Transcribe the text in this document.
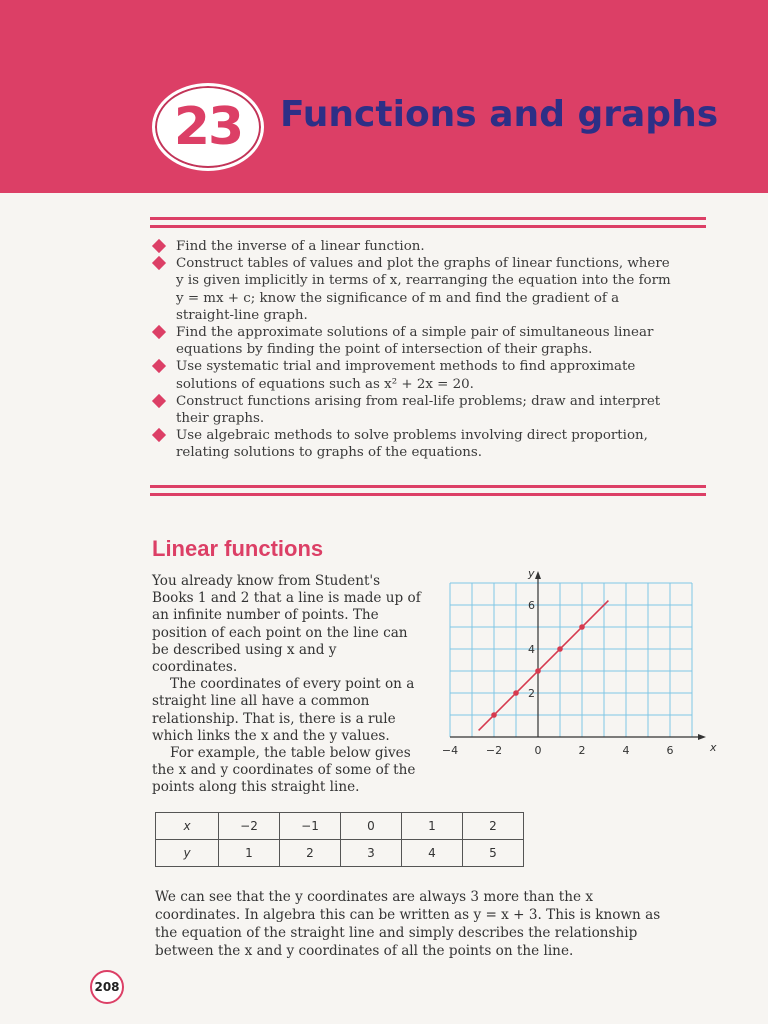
23	Functions and graphs
Find the inverse of a linear function.
Construct tables of values and plot the graphs of linear functions, where y is given implicitly in terms of x, rearranging the equation into the form y = mx + c; know the significance of m and find the gradient of a straight-line graph.
Find the approximate solutions of a simple pair of simultaneous linear equations by finding the point of intersection of their graphs.
Use systematic trial and improvement methods to find approximate solutions of equations such as x² + 2x = 20.
Construct functions arising from real-life problems; draw and interpret their graphs.
Use algebraic methods to solve problems involving direct proportion, relating solutions to graphs of the equations.
Linear functions

You already know from Student's Books 1 and 2 that a line is made up of an infinite number of points. The position of each point on the line can be described using x and y coordinates.

The coordinates of every point on a straight line all have a common relationship. That is, there is a rule which links the x and the y values.

For example, the table below gives the x and y coordinates of some of the points along this straight line.

−4	−2	0	2	4	6
2
4
6
x
y
x	−2	−1	0	1	2
y	1	2	3	4	5
We can see that the y coordinates are always 3 more than the x coordinates. In algebra this can be written as y = x + 3. This is known as the equation of the straight line and simply describes the relationship between the x and y coordinates of all the points on the line.
208
